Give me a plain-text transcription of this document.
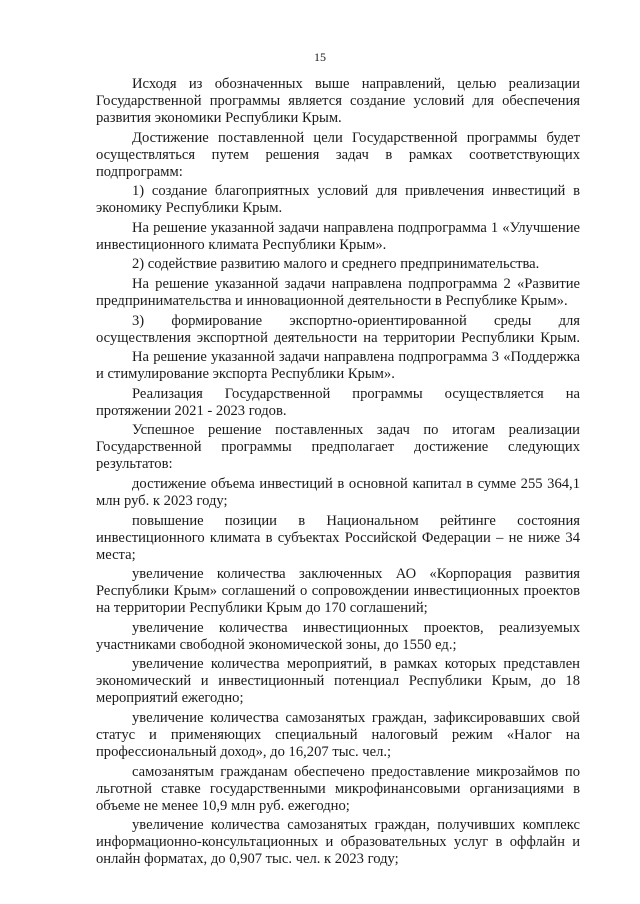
15

Исходя из обозначенных выше направлений, целью реализации Государственной программы является создание условий для обеспечения развития экономики Республики Крым.

Достижение поставленной цели Государственной программы будет осуществляться путем решения задач в рамках соответствующих подпрограмм:

1) создание благоприятных условий для привлечения инвестиций в экономику Республики Крым.

На решение указанной задачи направлена подпрограмма 1 «Улучшение инвестиционного климата Республики Крым».

2) содействие развитию малого и среднего предпринимательства.

На решение указанной задачи направлена подпрограмма 2 «Развитие предпринимательства и инновационной деятельности в Республике Крым».

3) формирование экспортно-ориентированной среды для осуществления экспортной деятельности на территории Республики Крым.

На решение указанной задачи направлена подпрограмма 3 «Поддержка и стимулирование экспорта Республики Крым».

Реализация Государственной программы осуществляется на протяжении 2021 - 2023 годов.

Успешное решение поставленных задач по итогам реализации Государственной программы предполагает достижение следующих результатов:

достижение объема инвестиций в основной капитал в сумме 255 364,1 млн руб. к 2023 году;

повышение позиции в Национальном рейтинге состояния инвестиционного климата в субъектах Российской Федерации – не ниже 34 места;

увеличение количества заключенных АО «Корпорация развития Республики Крым» соглашений о сопровождении инвестиционных проектов на территории Республики Крым до 170 соглашений;

увеличение количества инвестиционных проектов, реализуемых участниками свободной экономической зоны, до 1550 ед.;

увеличение количества мероприятий, в рамках которых представлен экономический и инвестиционный потенциал Республики Крым, до 18 мероприятий ежегодно;

увеличение количества самозанятых граждан, зафиксировавших свой статус и применяющих специальный налоговый режим «Налог на профессиональный доход», до 16,207 тыс. чел.;

самозанятым гражданам обеспечено предоставление микрозаймов по льготной ставке государственными микрофинансовыми организациями в объеме не менее 10,9 млн руб. ежегодно;

увеличение количества самозанятых граждан, получивших комплекс информационно-консультационных и образовательных услуг в оффлайн и онлайн форматах, до 0,907 тыс. чел. к 2023 году;
